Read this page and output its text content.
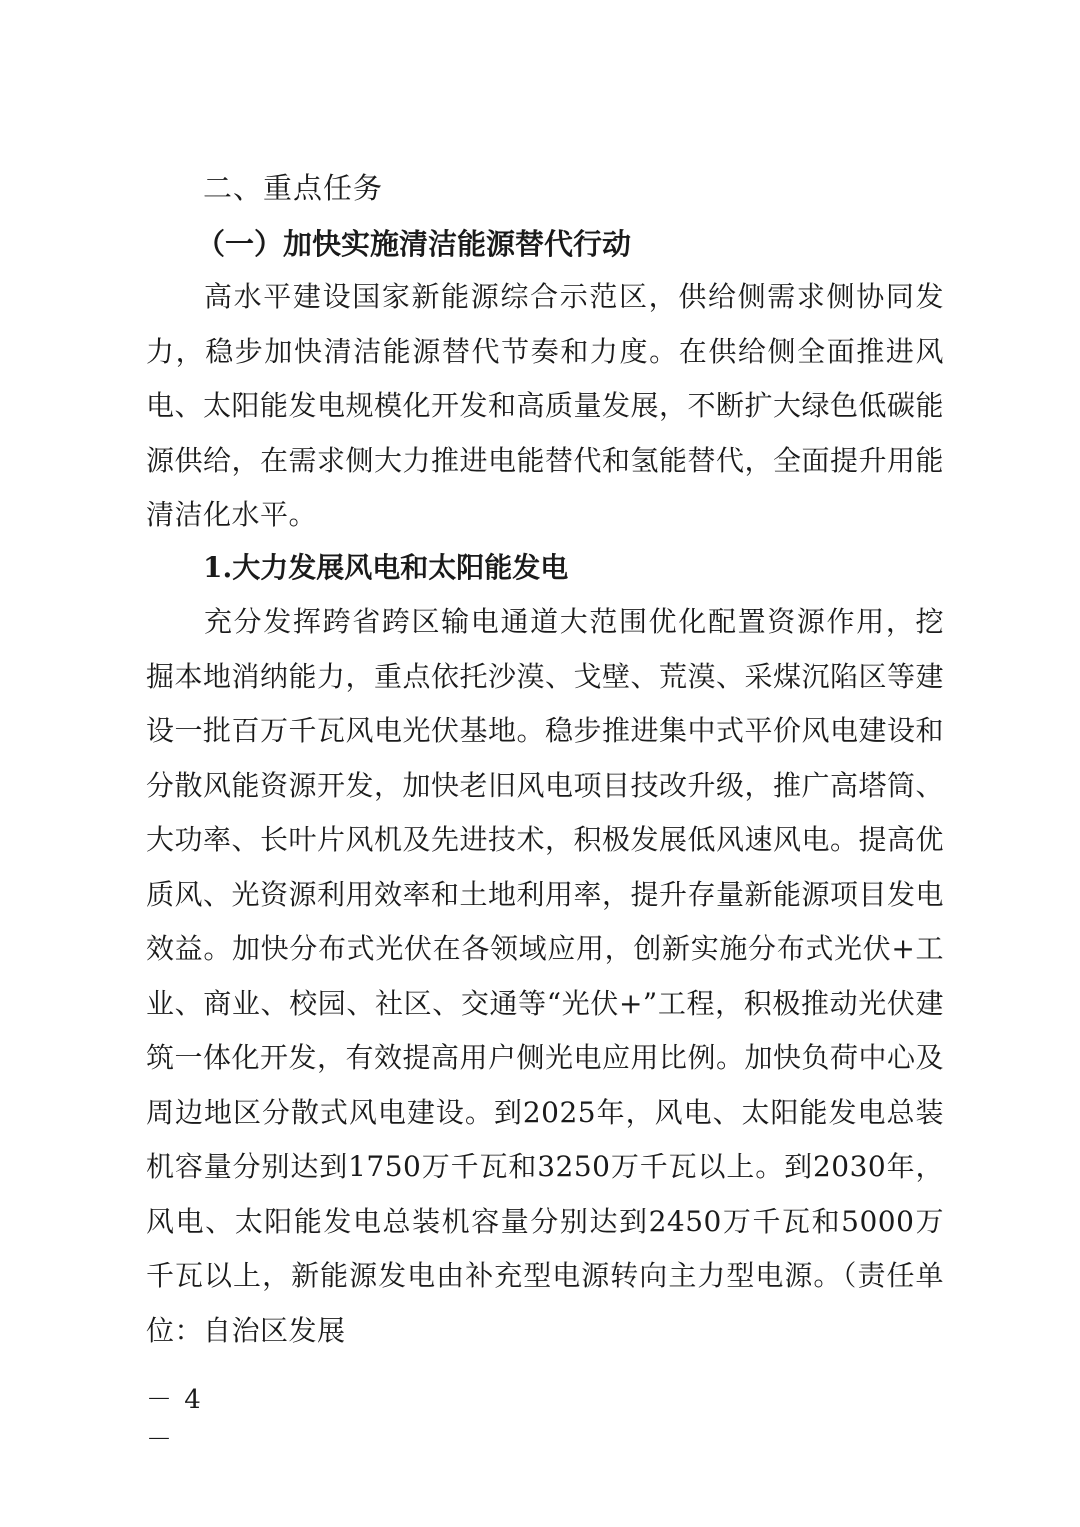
二、重点任务
（一）加快实施清洁能源替代行动

高水平建设国家新能源综合示范区，供给侧需求侧协同发力，稳步加快清洁能源替代节奏和力度。在供给侧全面推进风电、太阳能发电规模化开发和高质量发展，不断扩大绿色低碳能源供给，在需求侧大力推进电能替代和氢能替代，全面提升用能清洁化水平。

1.大力发展风电和太阳能发电

充分发挥跨省跨区输电通道大范围优化配置资源作用，挖掘本地消纳能力，重点依托沙漠、戈壁、荒漠、采煤沉陷区等建设一批百万千瓦风电光伏基地。稳步推进集中式平价风电建设和分散风能资源开发，加快老旧风电项目技改升级，推广高塔筒、大功率、长叶片风机及先进技术，积极发展低风速风电。提高优质风、光资源利用效率和土地利用率，提升存量新能源项目发电效益。加快分布式光伏在各领域应用，创新实施分布式光伏+工业、商业、校园、社区、交通等“光伏+”工程，积极推动光伏建筑一体化开发，有效提高用户侧光电应用比例。加快负荷中心及周边地区分散式风电建设。到2025年，风电、太阳能发电总装机容量分别达到1750万千瓦和3250万千瓦以上。到2030年，风电、太阳能发电总装机容量分别达到2450万千瓦和5000万千瓦以上，新能源发电由补充型电源转向主力型电源。（责任单位：自治区发展

－ 4 －
